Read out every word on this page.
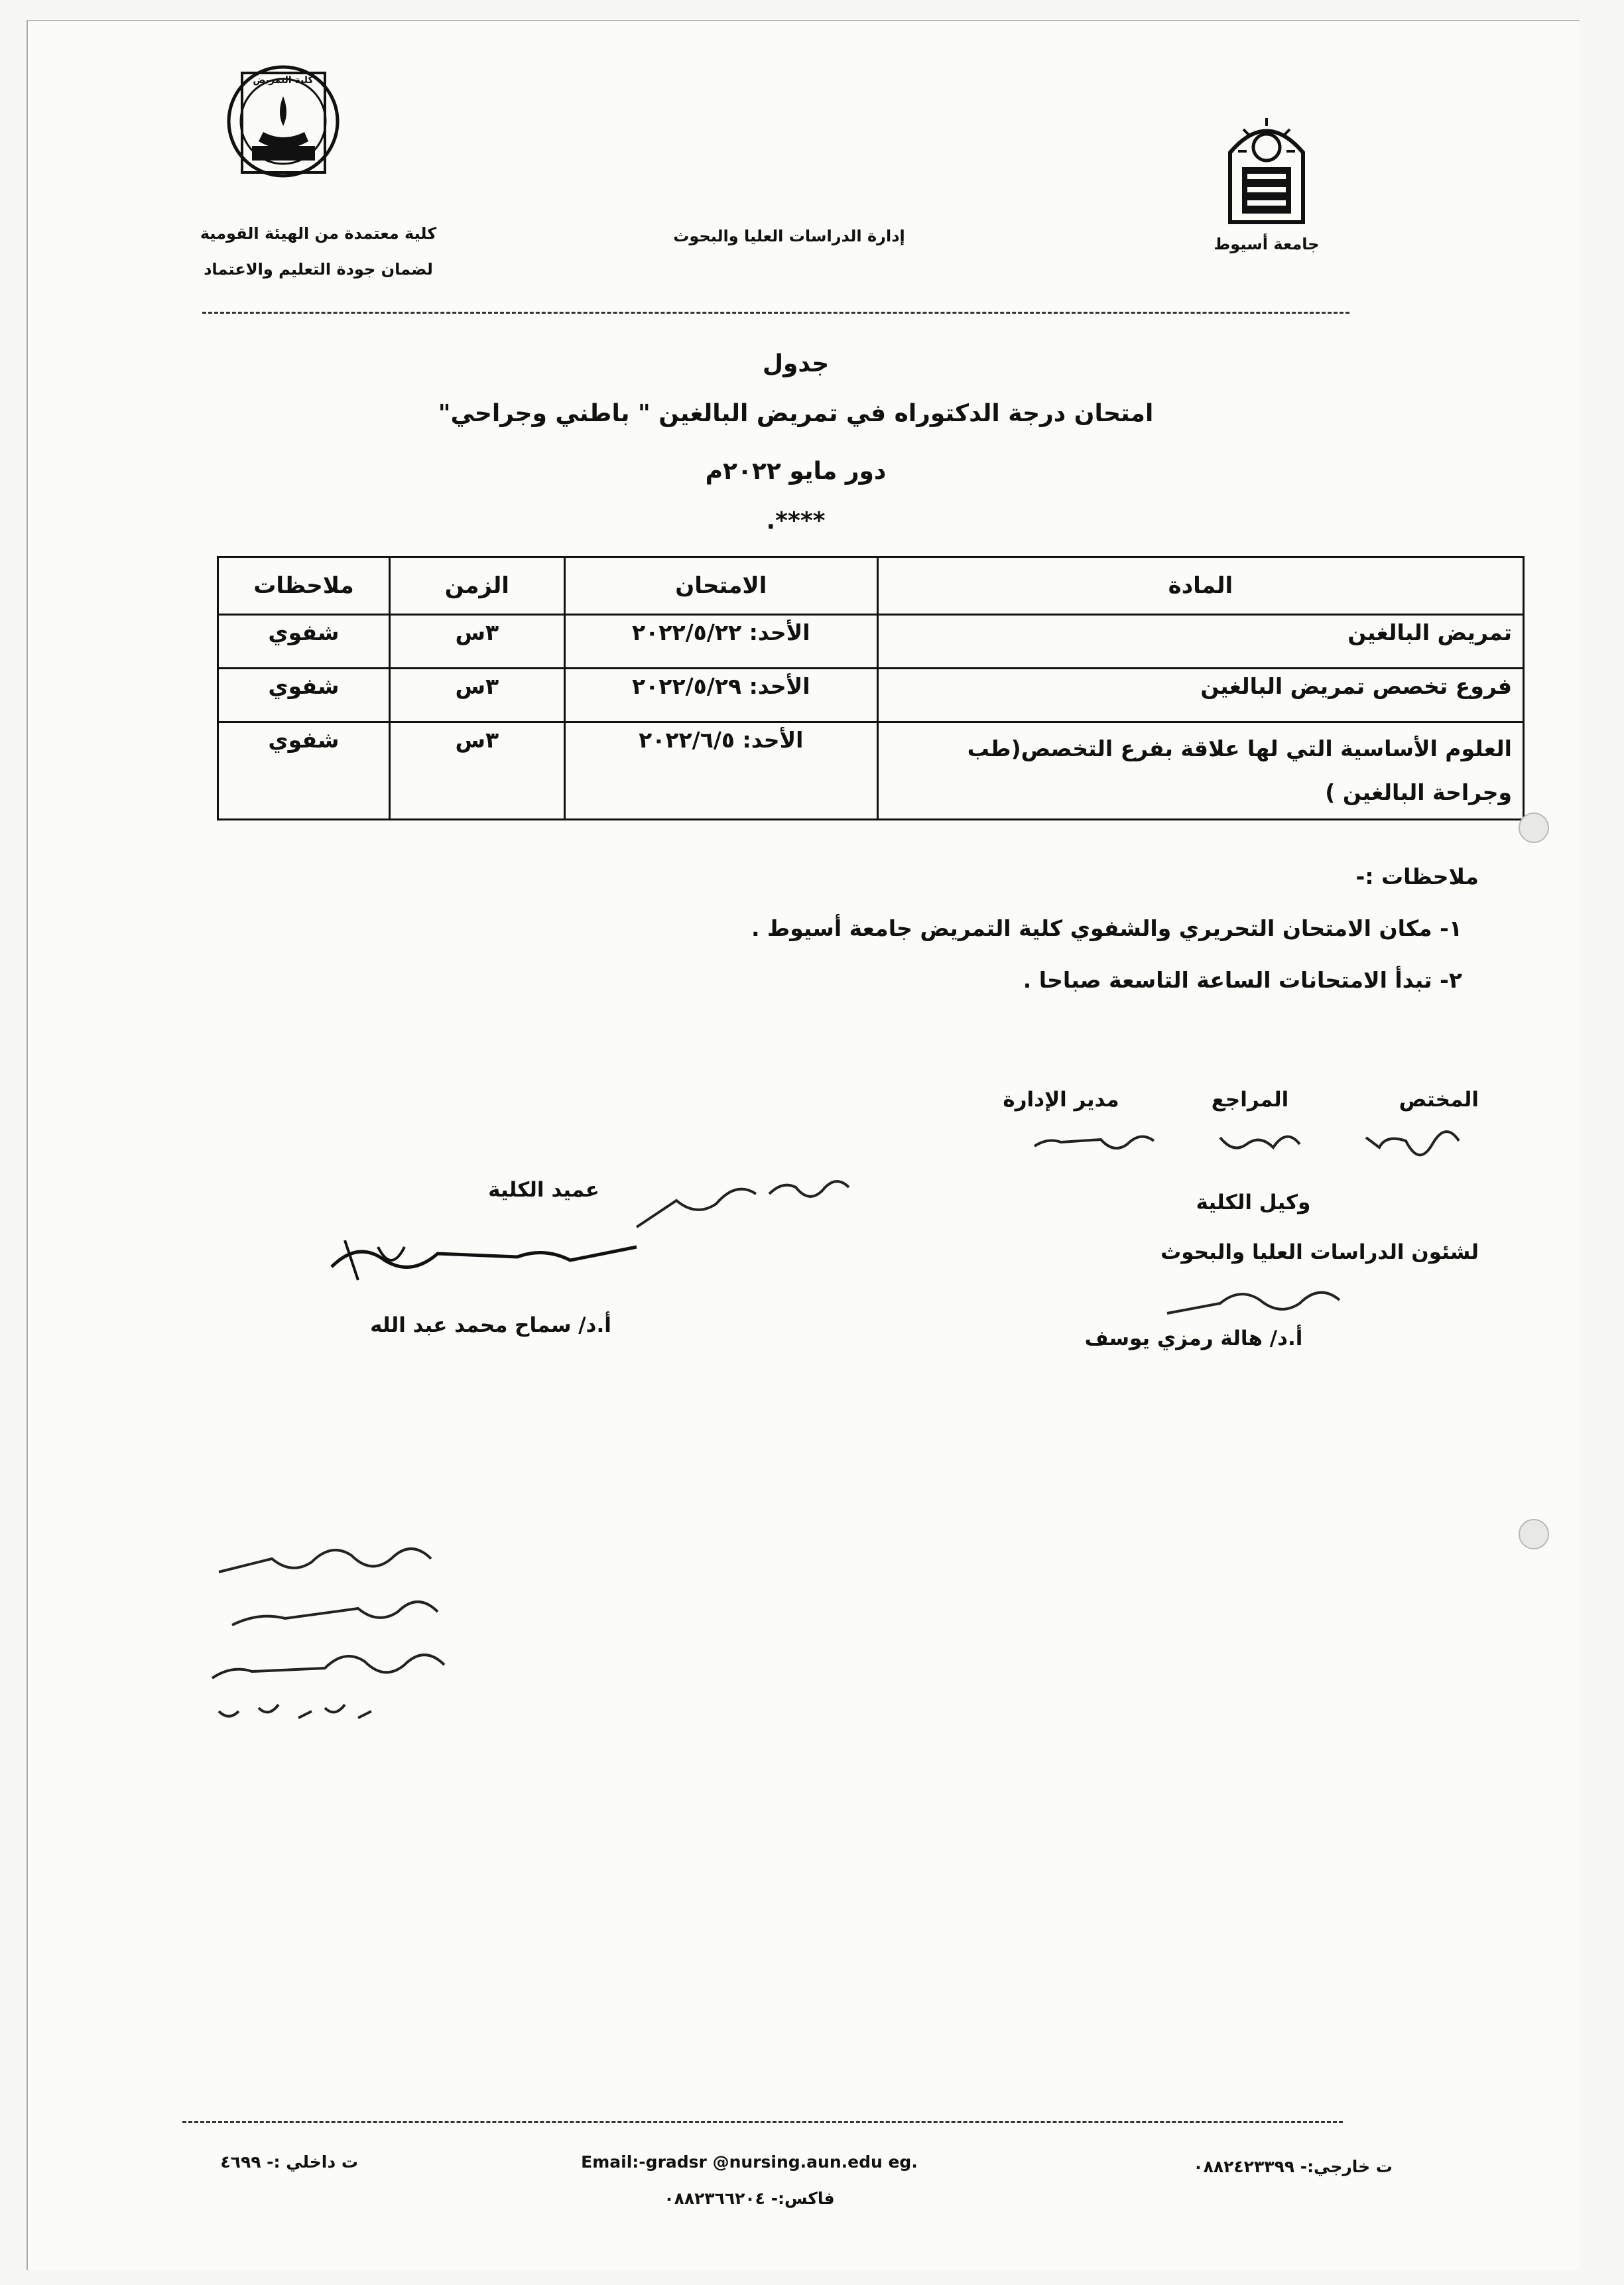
جامعة أسيوط
إدارة الدراسات العليا والبحوث
كلية التمريض
كلية معتمدة من الهيئة القومية
لضمان جودة التعليم والاعتماد
جدول
امتحان درجة الدكتوراه في تمريض البالغين " باطني وجراحي"
دور مايو ٢٠٢٢م
****.
المادة	الامتحان	الزمن	ملاحظات
تمريض البالغين	الأحد: ٢٠٢٢/٥/٢٢	٣س	شفوي
فروع تخصص تمريض البالغين	الأحد: ٢٠٢٢/٥/٢٩	٣س	شفوي
العلوم الأساسية التي لها علاقة بفرع التخصص(طب وجراحة البالغين )	الأحد: ٢٠٢٢/٦/٥	٣س	شفوي
ملاحظات :-
١- مكان الامتحان التحريري والشفوي كلية التمريض جامعة أسيوط .
٢- تبدأ الامتحانات الساعة التاسعة صباحا .
المختص
المراجع
مدير الإدارة
وكيل الكلية
لشئون الدراسات العليا والبحوث
عميد الكلية
أ.د/ هالة رمزي يوسف
أ.د/ سماح محمد عبد الله
ت خارجي:- ٠٨٨٢٤٢٣٣٩٩
Email:-gradsr @nursing.aun.edu eg.
فاكس:- ٠٨٨٢٣٦٦٢٠٤
ت داخلي :- ٤٦٩٩
